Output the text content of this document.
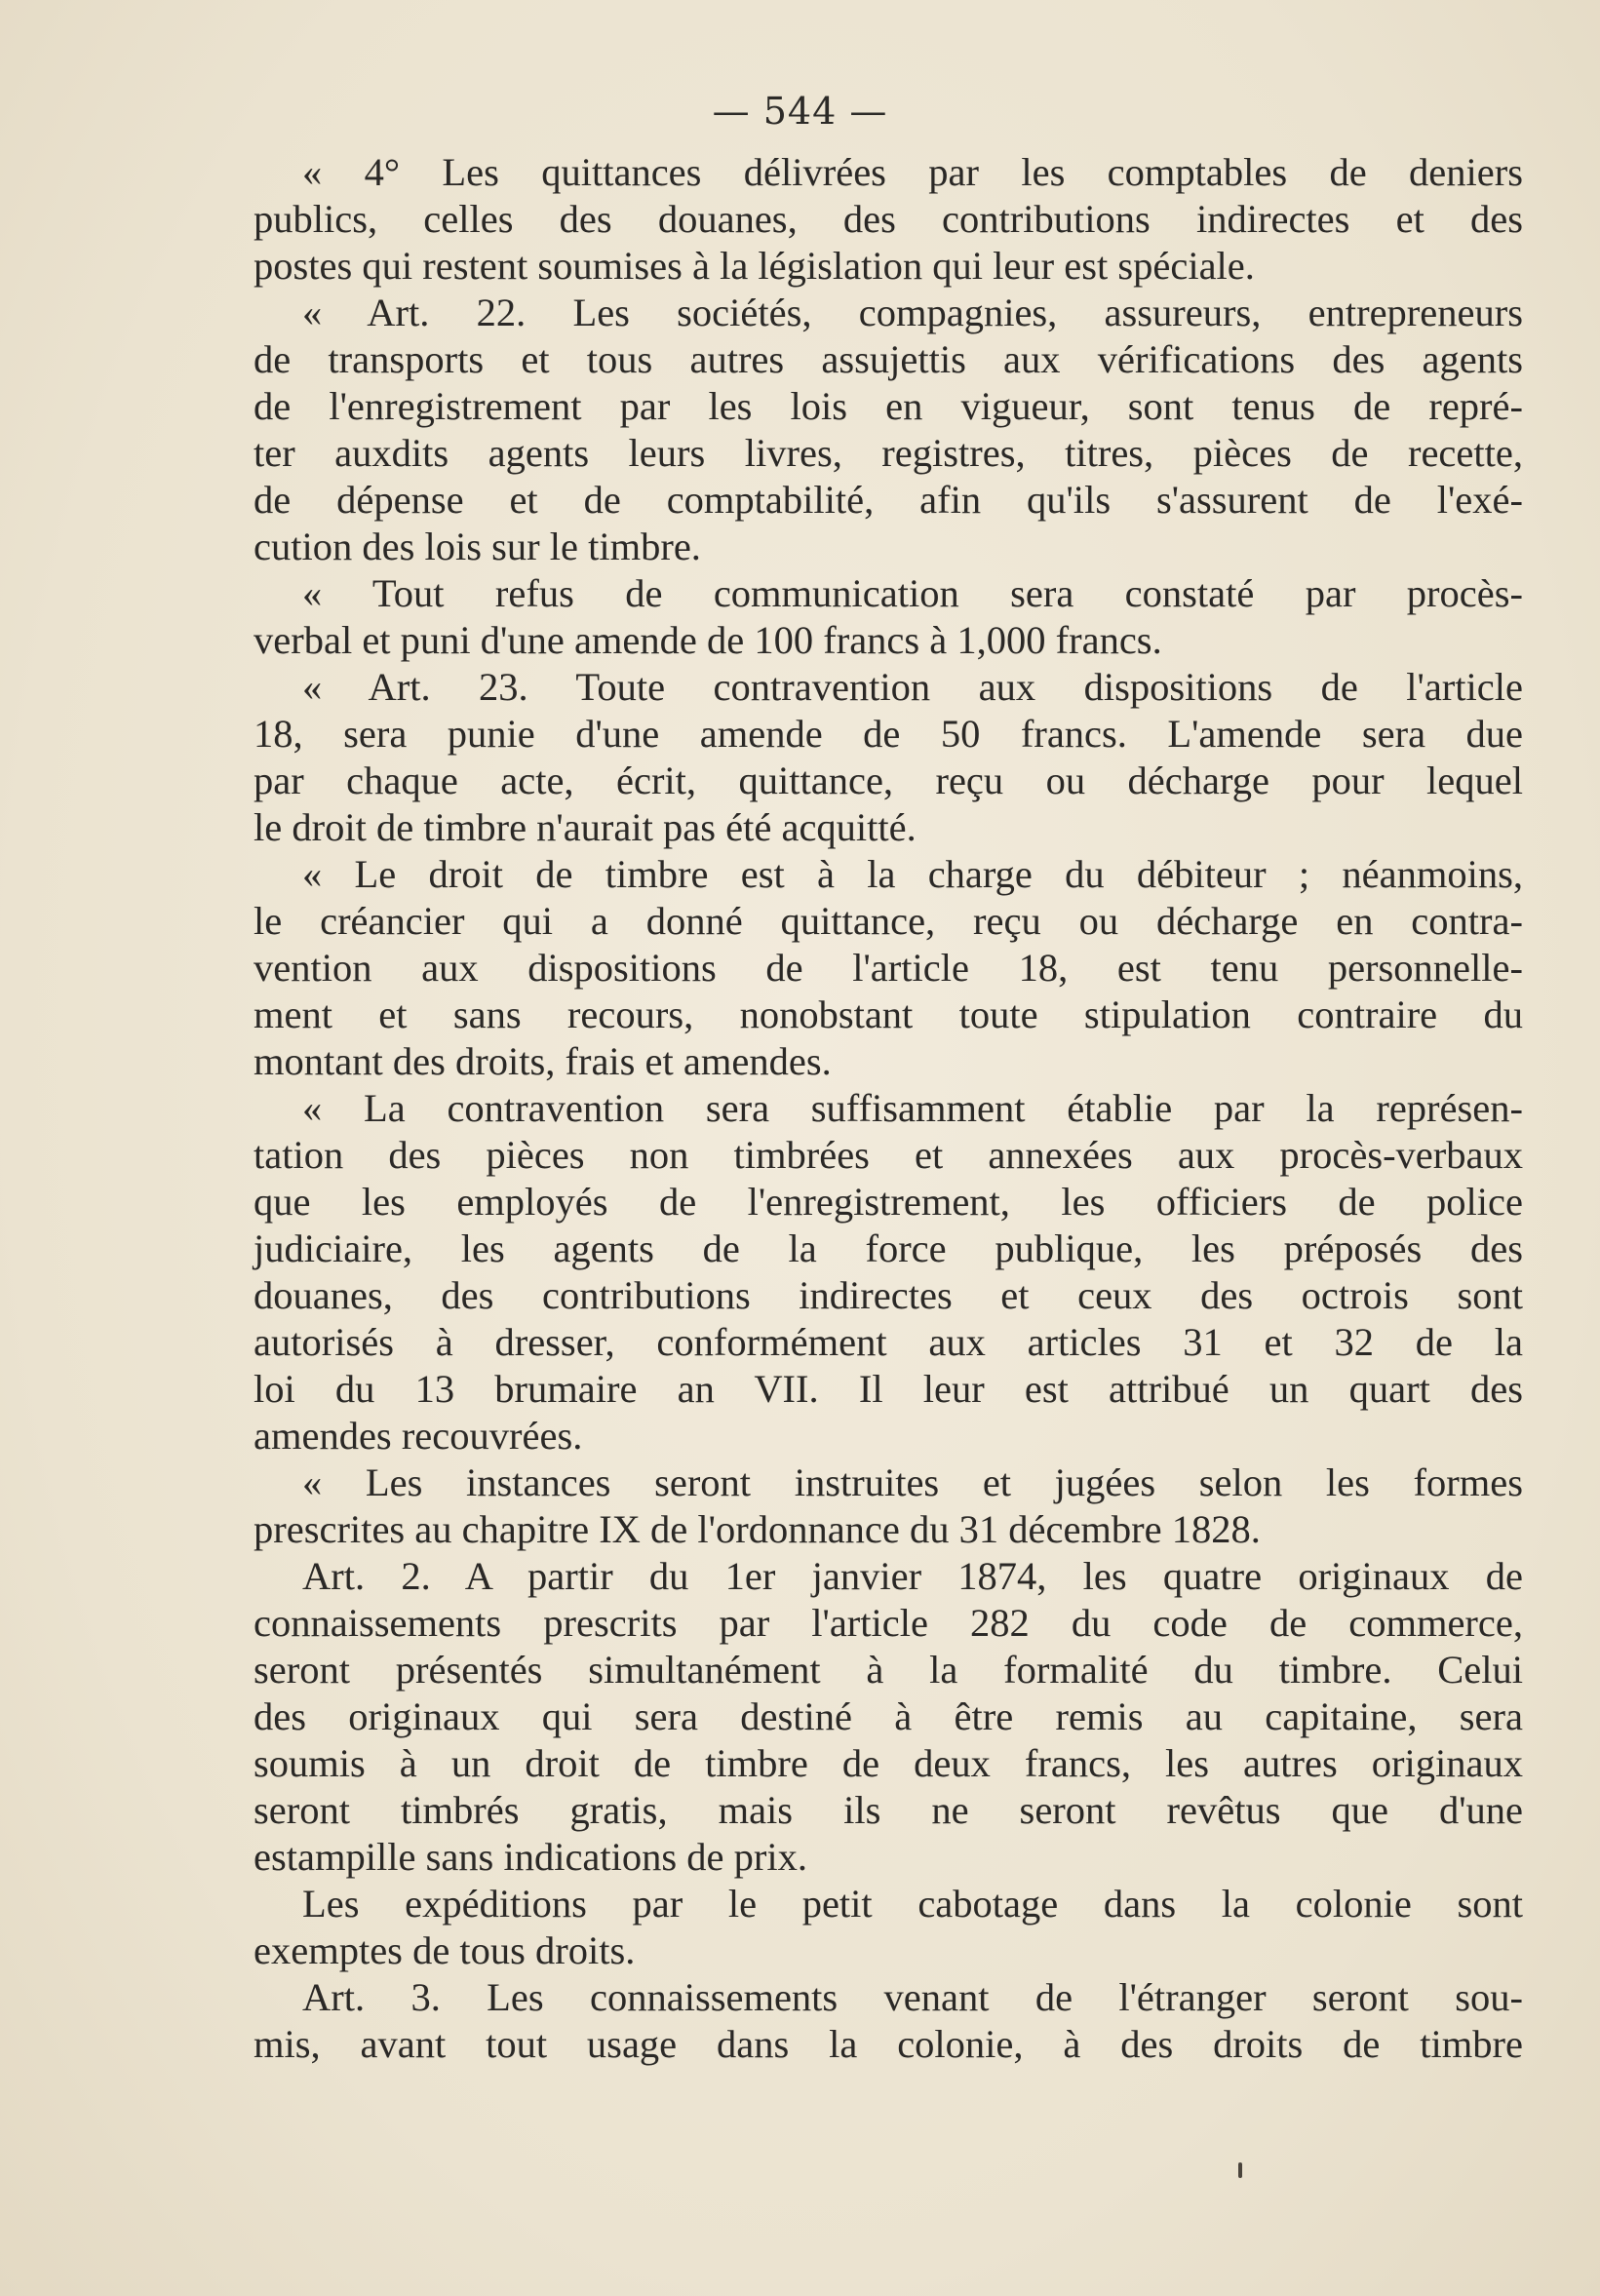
— 544 —
« 4° Les quittances délivrées par les comptables de deniers
publics, celles des douanes, des contributions indirectes et des
postes qui restent soumises à la législation qui leur est spéciale.
« Art. 22. Les sociétés, compagnies, assureurs, entrepreneurs
de transports et tous autres assujettis aux vérifications des agents
de l'enregistrement par les lois en vigueur, sont tenus de repré-
ter auxdits agents leurs livres, registres, titres, pièces de recette,
de dépense et de comptabilité, afin qu'ils s'assurent de l'exé-
cution des lois sur le timbre.
« Tout refus de communication sera constaté par procès-
verbal et puni d'une amende de 100 francs à 1,000 francs.
« Art. 23. Toute contravention aux dispositions de l'article
18, sera punie d'une amende de 50 francs. L'amende sera due
par chaque acte, écrit, quittance, reçu ou décharge pour lequel
le droit de timbre n'aurait pas été acquitté.
« Le droit de timbre est à la charge du débiteur ; néanmoins,
le créancier qui a donné quittance, reçu ou décharge en contra-
vention aux dispositions de l'article 18, est tenu personnelle-
ment et sans recours, nonobstant toute stipulation contraire du
montant des droits, frais et amendes.
« La contravention sera suffisamment établie par la représen-
tation des pièces non timbrées et annexées aux procès-verbaux
que les employés de l'enregistrement, les officiers de police
judiciaire, les agents de la force publique, les préposés des
douanes, des contributions indirectes et ceux des octrois sont
autorisés à dresser, conformément aux articles 31 et 32 de la
loi du 13 brumaire an VII. Il leur est attribué un quart des
amendes recouvrées.
« Les instances seront instruites et jugées selon les formes
prescrites au chapitre IX de l'ordonnance du 31 décembre 1828.
Art. 2. A partir du 1er janvier 1874, les quatre originaux de
connaissements prescrits par l'article 282 du code de commerce,
seront présentés simultanément à la formalité du timbre. Celui
des originaux qui sera destiné à être remis au capitaine, sera
soumis à un droit de timbre de deux francs, les autres originaux
seront timbrés gratis, mais ils ne seront revêtus que d'une
estampille sans indications de prix.
Les expéditions par le petit cabotage dans la colonie sont
exemptes de tous droits.
Art. 3. Les connaissements venant de l'étranger seront sou-
mis, avant tout usage dans la colonie, à des droits de timbre
